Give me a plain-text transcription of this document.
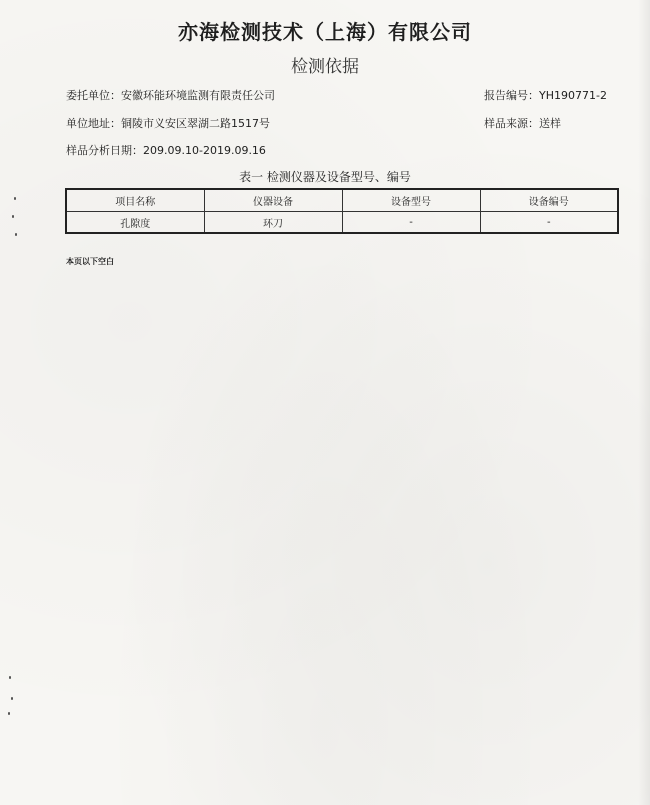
亦海检测技术（上海）有限公司
检测依据
委托单位：安徽环能环境监测有限责任公司	报告编号：YH190771-2
单位地址：铜陵市义安区翠湖二路1517号	样品来源：送样
样品分析日期：209.09.10-2019.09.16
表一 检测仪器及设备型号、编号
项目名称	仪器设备	设备型号	设备编号
孔隙度	环刀	-	-
本页以下空白
